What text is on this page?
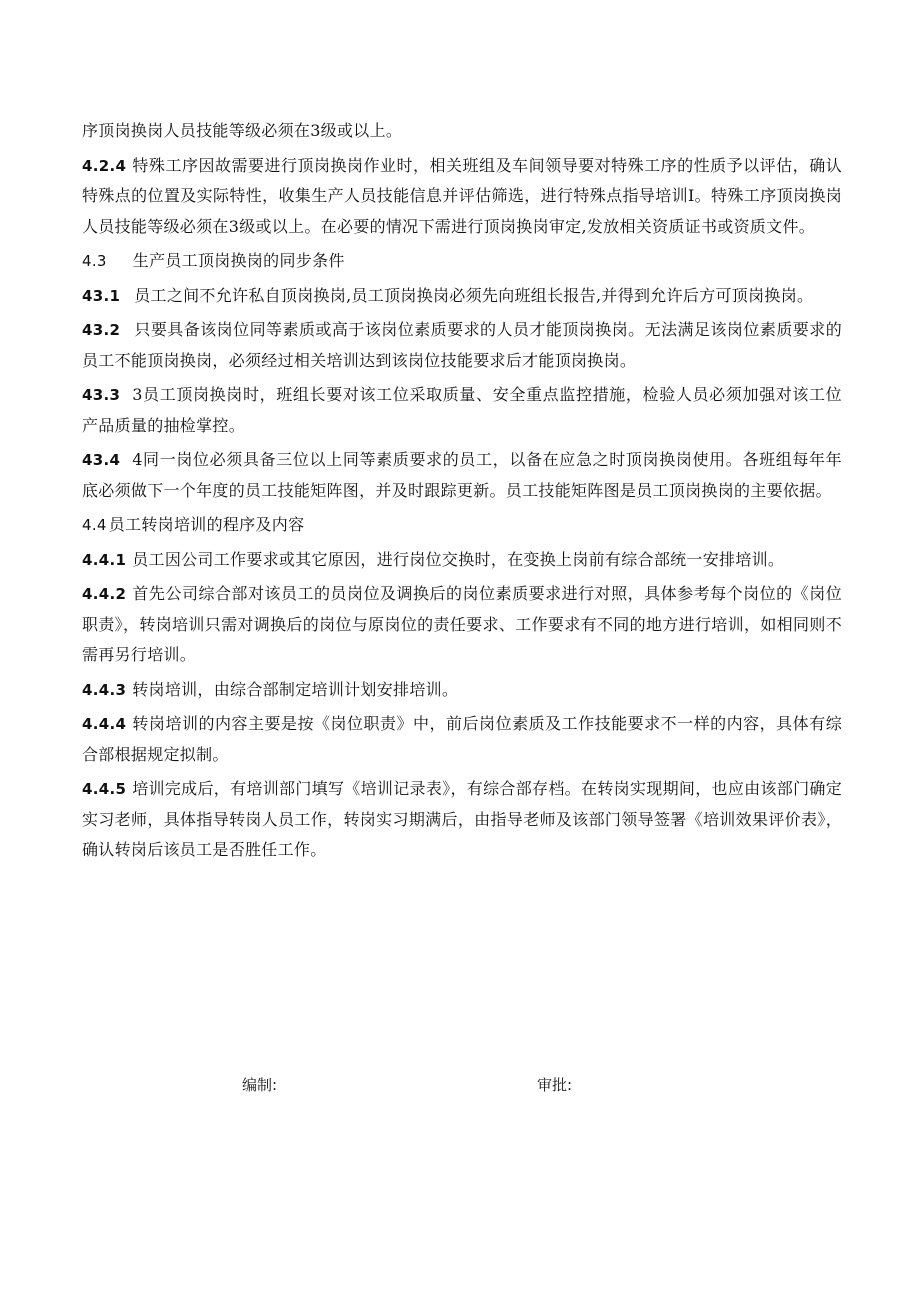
序顶岗换岗人员技能等级必须在3级或以上。

4.2.4 特殊工序因故需要进行顶岗换岗作业时，相关班组及车间领导要对特殊工序的性质予以评估，确认特殊点的位置及实际特性，收集生产人员技能信息并评估筛选，进行特殊点指导培训I。特殊工序顶岗换岗人员技能等级必须在3级或以上。在必要的情况下需进行顶岗换岗审定,发放相关资质证书或资质文件。

4.3 生产员工顶岗换岗的同步条件

43.1 员工之间不允许私自顶岗换岗,员工顶岗换岗必须先向班组长报告,并得到允许后方可顶岗换岗。

43.2 只要具备该岗位同等素质或高于该岗位素质要求的人员才能顶岗换岗。无法满足该岗位素质要求的员工不能顶岗换岗，必须经过相关培训达到该岗位技能要求后才能顶岗换岗。

43.3 3员工顶岗换岗时，班组长要对该工位采取质量、安全重点监控措施，检验人员必须加强对该工位产品质量的抽检掌控。

43.4 4同一岗位必须具备三位以上同等素质要求的员工，以备在应急之时顶岗换岗使用。各班组每年年底必须做下一个年度的员工技能矩阵图，并及时跟踪更新。员工技能矩阵图是员工顶岗换岗的主要依据。

4.4 员工转岗培训的程序及内容

4.4.1 员工因公司工作要求或其它原因，进行岗位交换时，在变换上岗前有综合部统一安排培训。

4.4.2 首先公司综合部对该员工的员岗位及调换后的岗位素质要求进行对照，具体参考每个岗位的《岗位职责》，转岗培训只需对调换后的岗位与原岗位的责任要求、工作要求有不同的地方进行培训，如相同则不需再另行培训。

4.4.3 转岗培训，由综合部制定培训计划安排培训。

4.4.4 转岗培训的内容主要是按《岗位职责》中，前后岗位素质及工作技能要求不一样的内容，具体有综合部根据规定拟制。

4.4.5 培训完成后，有培训部门填写《培训记录表》，有综合部存档。在转岗实现期间，也应由该部门确定实习老师，具体指导转岗人员工作，转岗实习期满后，由指导老师及该部门领导签署《培训效果评价表》，确认转岗后该员工是否胜任工作。

编制:	审批:
